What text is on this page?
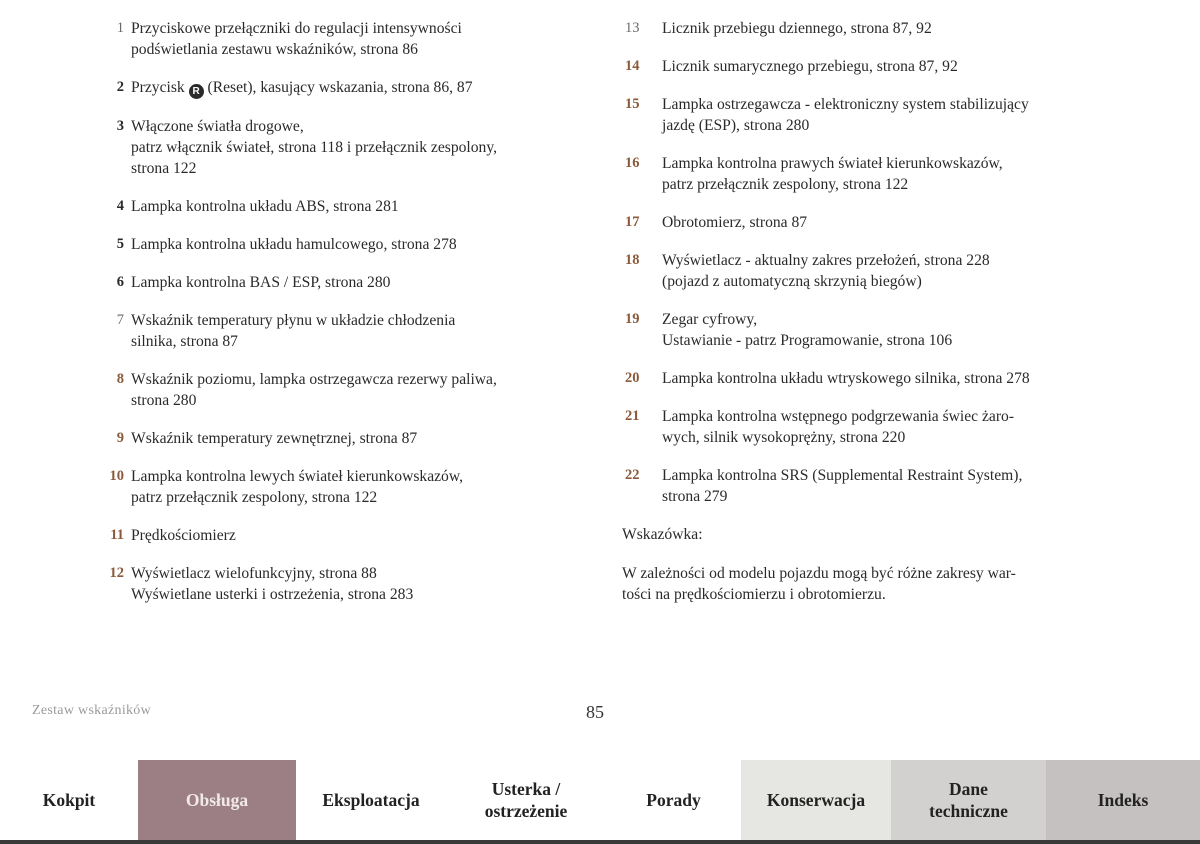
1 Przyciskowe przełączniki do regulacji intensywności
podświetlania zestawu wskaźników, strona 86
2 Przycisk R (Reset), kasujący wskazania, strona 86, 87
3 Włączone światła drogowe,
patrz włącznik świateł, strona 118 i przełącznik zespolony,
strona 122
4 Lampka kontrolna układu ABS, strona 281
5 Lampka kontrolna układu hamulcowego, strona 278
6 Lampka kontrolna BAS / ESP, strona 280
7 Wskaźnik temperatury płynu w układzie chłodzenia
silnika, strona 87
8 Wskaźnik poziomu, lampka ostrzegawcza rezerwy paliwa,
strona 280
9 Wskaźnik temperatury zewnętrznej, strona 87
10 Lampka kontrolna lewych świateł kierunkowskazów,
patrz przełącznik zespolony, strona 122
11 Prędkościomierz
12 Wyświetlacz wielofunkcyjny, strona 88
Wyświetlane usterki i ostrzeżenia, strona 283
13	Licznik przebiegu dziennego, strona 87, 92
14	Licznik sumarycznego przebiegu, strona 87, 92
15	Lampka ostrzegawcza - elektroniczny system stabilizujący
jazdę (ESP), strona 280
16	Lampka kontrolna prawych świateł kierunkowskazów,
patrz przełącznik zespolony, strona 122
17	Obrotomierz, strona 87
18	Wyświetlacz - aktualny zakres przełożeń, strona 228
(pojazd z automatyczną skrzynią biegów)
19	Zegar cyfrowy,
Ustawianie - patrz Programowanie, strona 106
20	Lampka kontrolna układu wtryskowego silnika, strona 278
21	Lampka kontrolna wstępnego podgrzewania świec żaro-
wych, silnik wysokoprężny, strona 220
22	Lampka kontrolna SRS (Supplemental Restraint System),
strona 279
Wskazówka:
W zależności od modelu pojazdu mogą być różne zakresy war-
tości na prędkościomierzu i obrotomierzu.
Zestaw wskaźników	85
Kokpit	Obsługa	Eksploatacja
Usterka /
ostrzeżenie
Porady	Konserwacja
Dane
techniczne
Indeks
